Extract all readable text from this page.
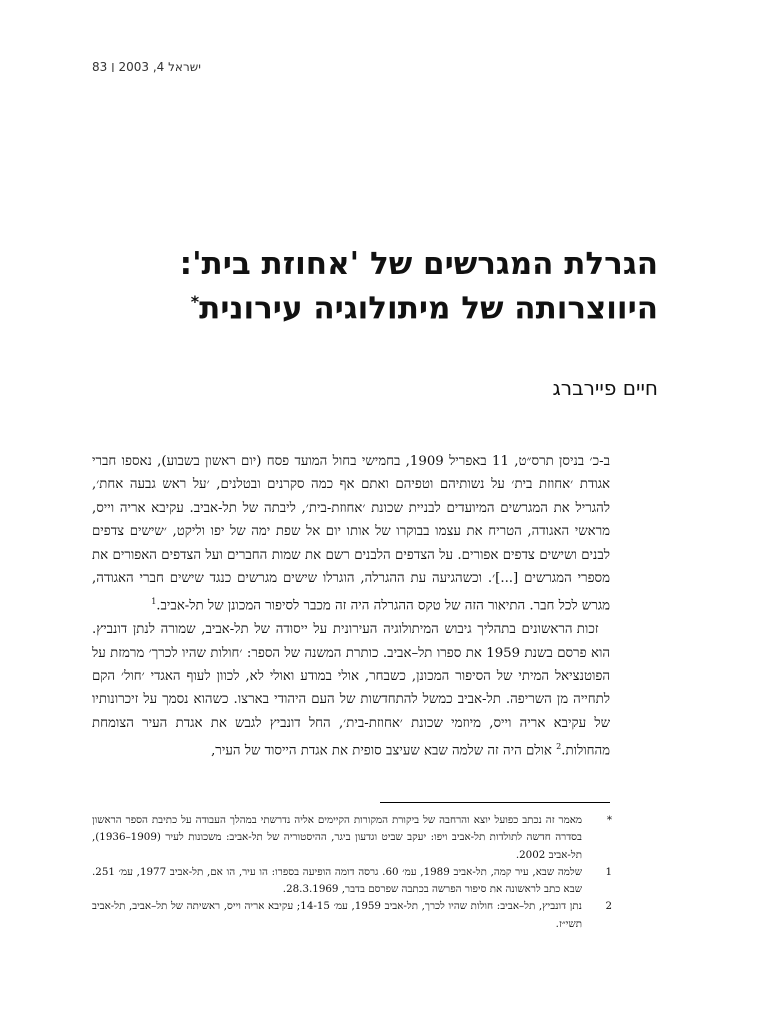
ישראל 4, 2003 ׀ 83
הגרלת המגרשים של 'אחוזת בית':
היווצרותה של מיתולוגיה עירונית*
חיים פיירברג

ב-כ׳ בניסן תרס״ט, 11 באפריל 1909, בחמישי בחול המועד פסח (יום ראשון בשבוע), נאספו חברי אגודת ׳אחוזת בית׳ על נשותיהם וטפיהם ואתם אף כמה סקרנים ובטלנים, ׳על ראש גבעה אחת׳, להגריל את המגרשים המיועדים לבניית שכונת ׳אחוזת-בית׳, ליבתה של תל-אביב. עקיבא אריה וייס, מראשי האגודה, הטריח את עצמו בבוקרו של אותו יום אל שפת ימה של יפו וליקט, ׳שישים צדפים לבנים ושישים צדפים אפורים. על הצדפים הלבנים רשם את שמות החברים ועל הצדפים האפורים את מספרי המגרשים [...]׳. וכשהגיעה עת ההגרלה, הוגרלו שישים מגרשים כנגד שישים חברי האגודה, מגרש לכל חבר. התיאור הזה של טקס ההגרלה היה זה מכבר לסיפור המכונן של תל-אביב.$^1$

זכות הראשונים בתהליך גיבוש המיתולוגיה העירונית על ייסודה של תל-אביב, שמורה לנתן דונביץ. הוא פרסם בשנת 1959 את ספרו תל–אביב. כותרת המשנה של הספר: ׳חולות שהיו לכרך׳ מרמזת על הפוטנציאל המיתי של הסיפור המכונן, כשבחר, אולי במודע ואולי לא, לכוון לעוף האגדי ׳חול׳ הקם לתחייה מן השריפה. תל-אביב כמשל להתחדשות של העם היהודי בארצו. כשהוא נסמך על זיכרונותיו של עקיבא אריה וייס, מיוזמי שכונת ׳אחוזת-בית׳, החל דונביץ לגבש את אגדת העיר הצומחת מהחולות.$^2$ אולם היה זה שלמה שבא שעיצב סופית את אגדת הייסוד של העיר,

*
מאמר זה נכתב כפועל יוצא והרחבה של ביקורת המקורות הקיימים אליה נדרשתי במהלך העבודה על כתיבת הספר הראשון בסדרה חדשה לתולדות תל-אביב ויפו: יעקב שביט וגדעון ביגר, ההיסטוריה של תל-אביב: משכונות לעיר (1909–1936), תל-אביב 2002.
1
שלמה שבא, עיר קמה, תל-אביב 1989, עמ׳ 60. גרסה דומה הופיעה בספרו: הו עיר, הו אם, תל-אביב 1977, עמ׳ 251. שבא כתב לראשונה את סיפור הפרשה בכתבה שפרסם בדבר, 28.3.1969.
2
נתן דונביץ, תל–אביב: חולות שהיו לכרך, תל-אביב 1959, עמ׳ 14-15; עקיבא אריה וייס, ראשיתה של תל–אביב, תל-אביב תשי״ז.
